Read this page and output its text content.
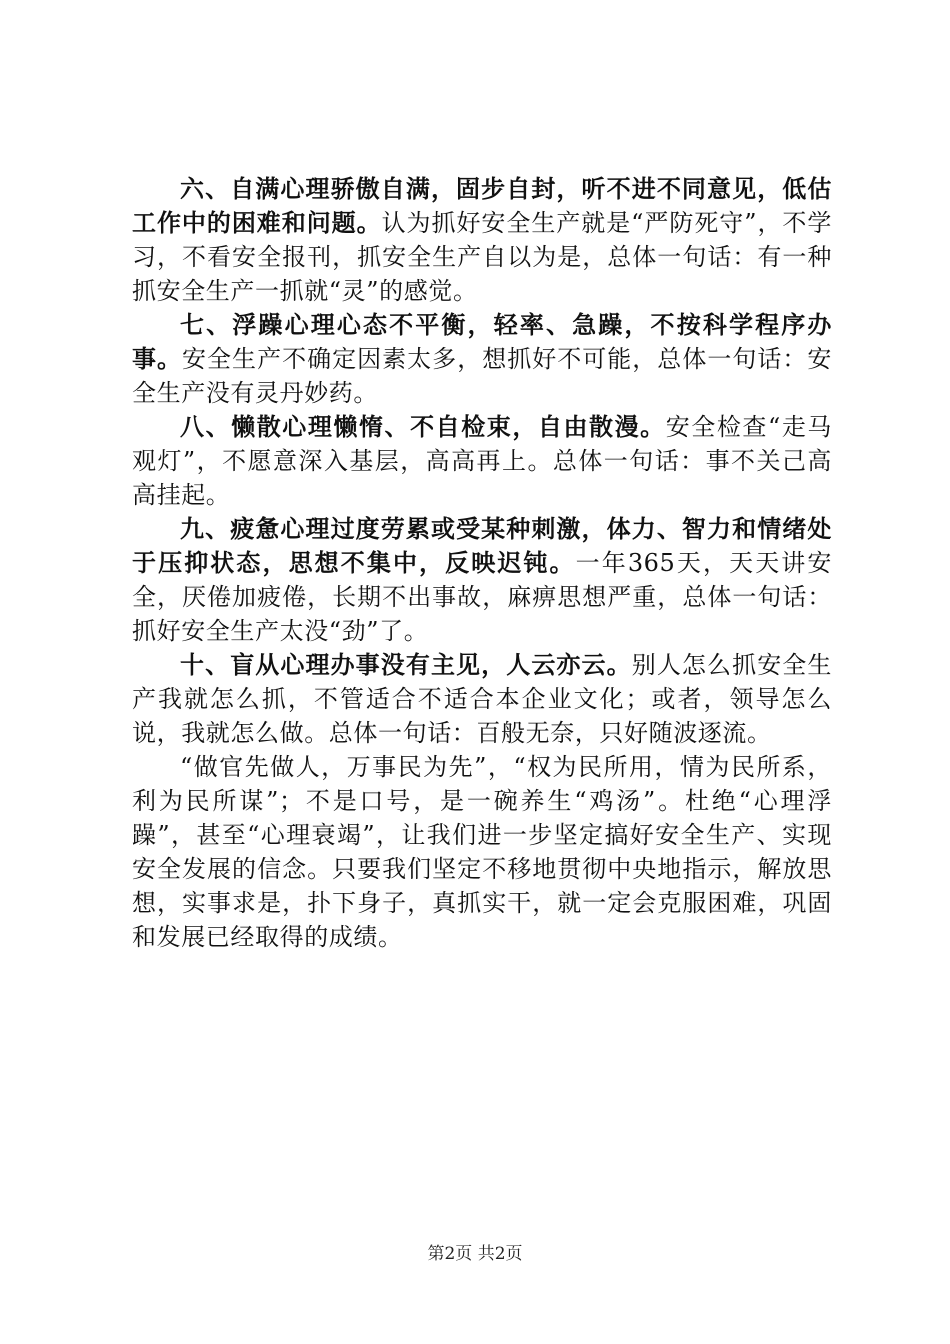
六、自满心理骄傲自满，固步自封，听不进不同意见，低估工作中的困难和问题。认为抓好安全生产就是“严防死守”，不学习，不看安全报刊，抓安全生产自以为是，总体一句话：有一种抓安全生产一抓就“灵”的感觉。

七、浮躁心理心态不平衡，轻率、急躁，不按科学程序办事。安全生产不确定因素太多，想抓好不可能，总体一句话：安全生产没有灵丹妙药。

八、懒散心理懒惰、不自检束，自由散漫。安全检查“走马观灯”，不愿意深入基层，高高再上。总体一句话：事不关己高高挂起。

九、疲惫心理过度劳累或受某种刺激，体力、智力和情绪处于压抑状态，思想不集中，反映迟钝。一年365天，天天讲安全，厌倦加疲倦，长期不出事故，麻痹思想严重，总体一句话：抓好安全生产太没“劲”了。

十、盲从心理办事没有主见，人云亦云。别人怎么抓安全生产我就怎么抓，不管适合不适合本企业文化；或者，领导怎么说，我就怎么做。总体一句话：百般无奈，只好随波逐流。

“做官先做人，万事民为先”，“权为民所用，情为民所系，利为民所谋”；不是口号，是一碗养生“鸡汤”。杜绝“心理浮躁”，甚至“心理衰竭”，让我们进一步坚定搞好安全生产、实现安全发展的信念。只要我们坚定不移地贯彻中央地指示，解放思想，实事求是，扑下身子，真抓实干，就一定会克服困难，巩固和发展已经取得的成绩。

第2页 共2页
